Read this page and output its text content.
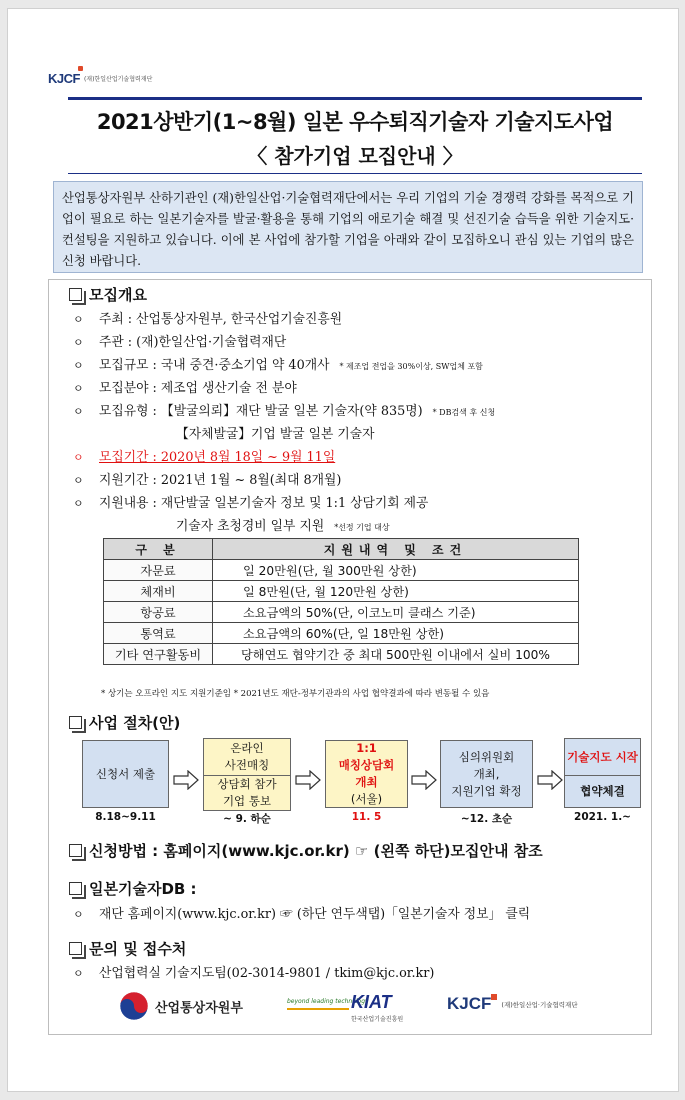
KJCF (재)한일산업기술협력재단
2021상반기(1~8월) 일본 우수퇴직기술자 기술지도사업
〈 참가기업 모집안내 〉
산업통상자원부 산하기관인 (재)한일산업·기술협력재단에서는 우리 기업의 기술 경쟁력 강화를 목적으로 기업이 필요로 하는 일본기술자를 발굴·활용을 통해 기업의 애로기술 해결 및 선진기술 습득을 위한 기술지도·컨설팅을 지원하고 있습니다. 이에 본 사업에 참가할 기업을 아래와 같이 모집하오니 관심 있는 기업의 많은 신청 바랍니다.
모집개요
ㅇ	주최 : 산업통상자원부, 한국산업기술진흥원
ㅇ	주관 : (재)한일산업·기술협력재단
ㅇ	모집규모 : 국내 중견·중소기업 약 40개사 * 제조업 전업을 30%이상, SW업체 포함
ㅇ	모집분야 : 제조업 생산기술 전 분야
ㅇ	모집유형 : 【발굴의뢰】재단 발굴 일본 기술자(약 835명) * DB검색 후 신청
【자체발굴】기업 발굴 일본 기술자
ㅇ	모집기간 : 2020년 8월 18일 ~ 9월 11일
ㅇ	지원기간 : 2021년 1월 ~ 8월(최대 8개월)
ㅇ	지원내용 : 재단발굴 일본기술자 정보 및 1:1 상담기회 제공
기술자 초청경비 일부 지원 *선정 기업 대상
구 분	지원내역 및 조건
자문료	일 20만원(단, 월 300만원 상한)
체재비	일 8만원(단, 월 120만원 상한)
항공료	소요금액의 50%(단, 이코노미 클래스 기준)
통역료	소요금액의 60%(단, 일 18만원 상한)
기타 연구활동비	당해연도 협약기간 중 최대 500만원 이내에서 실비 100%
* 상기는 오프라인 지도 지원기준임 * 2021년도 재단-정부기관과의 사업 협약결과에 따라 변동될 수 있음
사업 절차(안)
신청서 제출
온라인
사전매칭
상담회 참가
기업 통보
1:1
매칭상담회
개최
(서울)
심의위원회
개최,
지원기업 확정
기술지도 시작
협약체결
8.18~9.11	~ 9. 하순	11. 5	~12. 초순	2021. 1.~
신청방법 : 홈페이지(www.kjc.or.kr) ☞ (왼쪽 하단)모집안내 참조
일본기술자DB :
ㅇ	재단 홈페이지(www.kjc.or.kr) ☞ (하단 연두색탭)「일본기술자 정보」 클릭
문의 및 접수처
ㅇ	산업협력실 기술지도팀(02-3014-9801 / tkim@kjc.or.kr)
산업통상자원부	beyond leading technology
KIAT
한국산업기술진흥원
KJCF (재)한일산업·기술협력재단
